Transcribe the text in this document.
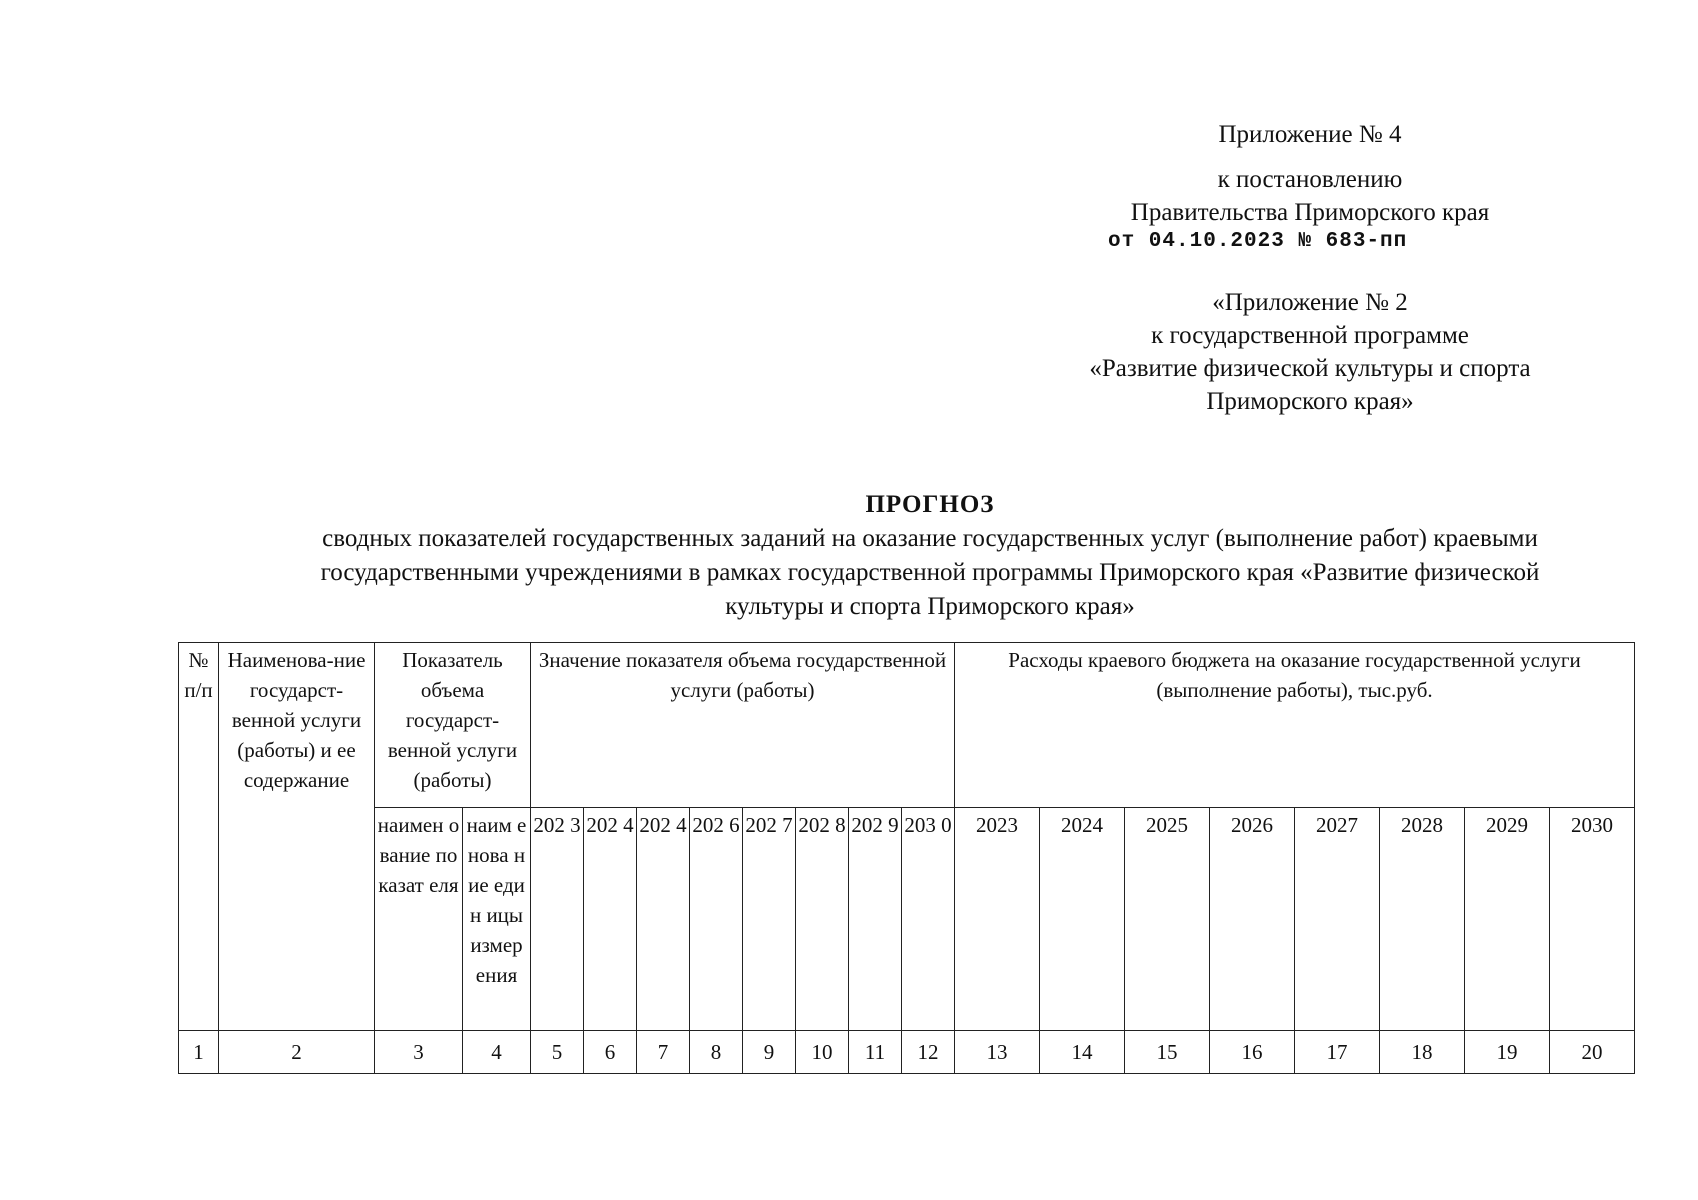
Приложение № 4
к постановлению
Правительства Приморского края
от 04.10.2023 № 683-пп
«Приложение № 2
к государственной программе
«Развитие физической культуры и спорта
Приморского края»
ПРОГНОЗ
сводных показателей государственных заданий на оказание государственных услуг (выполнение работ) краевыми
государственными учреждениями в рамках государственной программы Приморского края «Развитие физической
культуры и спорта Приморского края»
№ п/п	Наименова-ние государст-венной услуги (работы) и ее содержание	Показатель объема государст-венной услуги (работы)		Значение показателя объема государственной услуги (работы)								Расходы краевого бюджета на оказание государственной услуги (выполнение работы), тыс.руб.							
		наимен ование показат еля	наим енова ние един ицы измер ения	202 3	202 4	202 4	202 6	202 7	202 8	202 9	203 0	2023	2024	2025	2026	2027	2028	2029	2030
1	2	3	4	5	6	7	8	9	10	11	12	13	14	15	16	17	18	19	20
